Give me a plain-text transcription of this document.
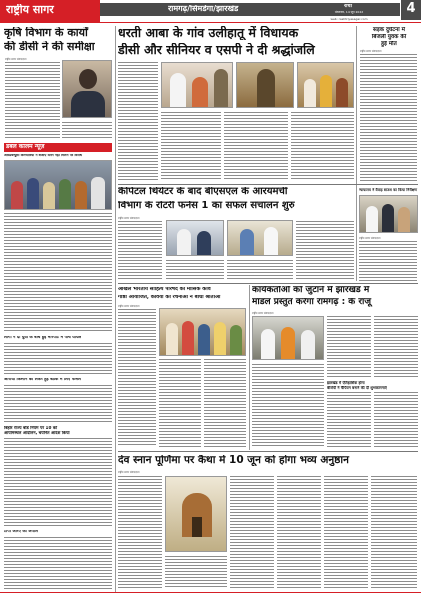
राष्ट्रीय सागर	रामगढ़/सिमडेगा/झारखंड	रांची
मंगलवार, 14 जून 2022
web: rashtriyasagar.com
4
कृषि विभाग के कार्यों
की डीसी ने की समीक्षा
राष्ट्रीय सागर संवाददाता
डबल कॉलम न्यूज़
आरडब्ल्यूसी कर्मचारियों ने बजाए वेतन नहीं मिलने पर विरोध
लोगों ने दो युवों के बीच हुई मारपीट में पांच घायल
आराधी किसान को लेकर हुई बैठक में लिए फैसले
बिहार राज्य बोर्ड नियम पर 10 को
आयामस्थल आंदोलन, चयनित आदेश किया
टीपी आरए की अपील
धरती आबा के गांव उलीहातू में विधायक
डीसी और सीनियर व एसपी ने दी श्रद्धांजलि
सड़क दुर्घटना में
बिजली युवक की
हुई मौत
राष्ट्रीय सागर संवाददाता
कैपिटल थियेटर के बाद बीएसएल के आरयमची
विभाग के रोटरी फर्नेस 1 का सफल संचालन शुरु
राष्ट्रीय सागर संवाददाता
न्यायालय ने वैवाह साउश का किया निरीक्षण
राष्ट्रीय सागर संवाददाता
अखिल भारतीय साहित्य परिषद की मासिक कवि
गोष्ठी आयोजित, कवियों की रचनाओं ने बांधा श्रोताओं
राष्ट्रीय सागर संवाददाता
कार्यकर्ताओं को जुटाने में झारखंड में
मॉडल प्रस्तुत करेगा रामगढ़ : के राजू
राष्ट्रीय सागर संवाददाता
झारखंड में ऐतिहासिक होगा
बीजेपी ने चैंपियन बनाने की दी शुभकामनाएं
देव स्नान पूर्णिमा पर कैथा में 10 जून को होगा भव्य अनुष्ठान
राष्ट्रीय सागर संवाददाता
